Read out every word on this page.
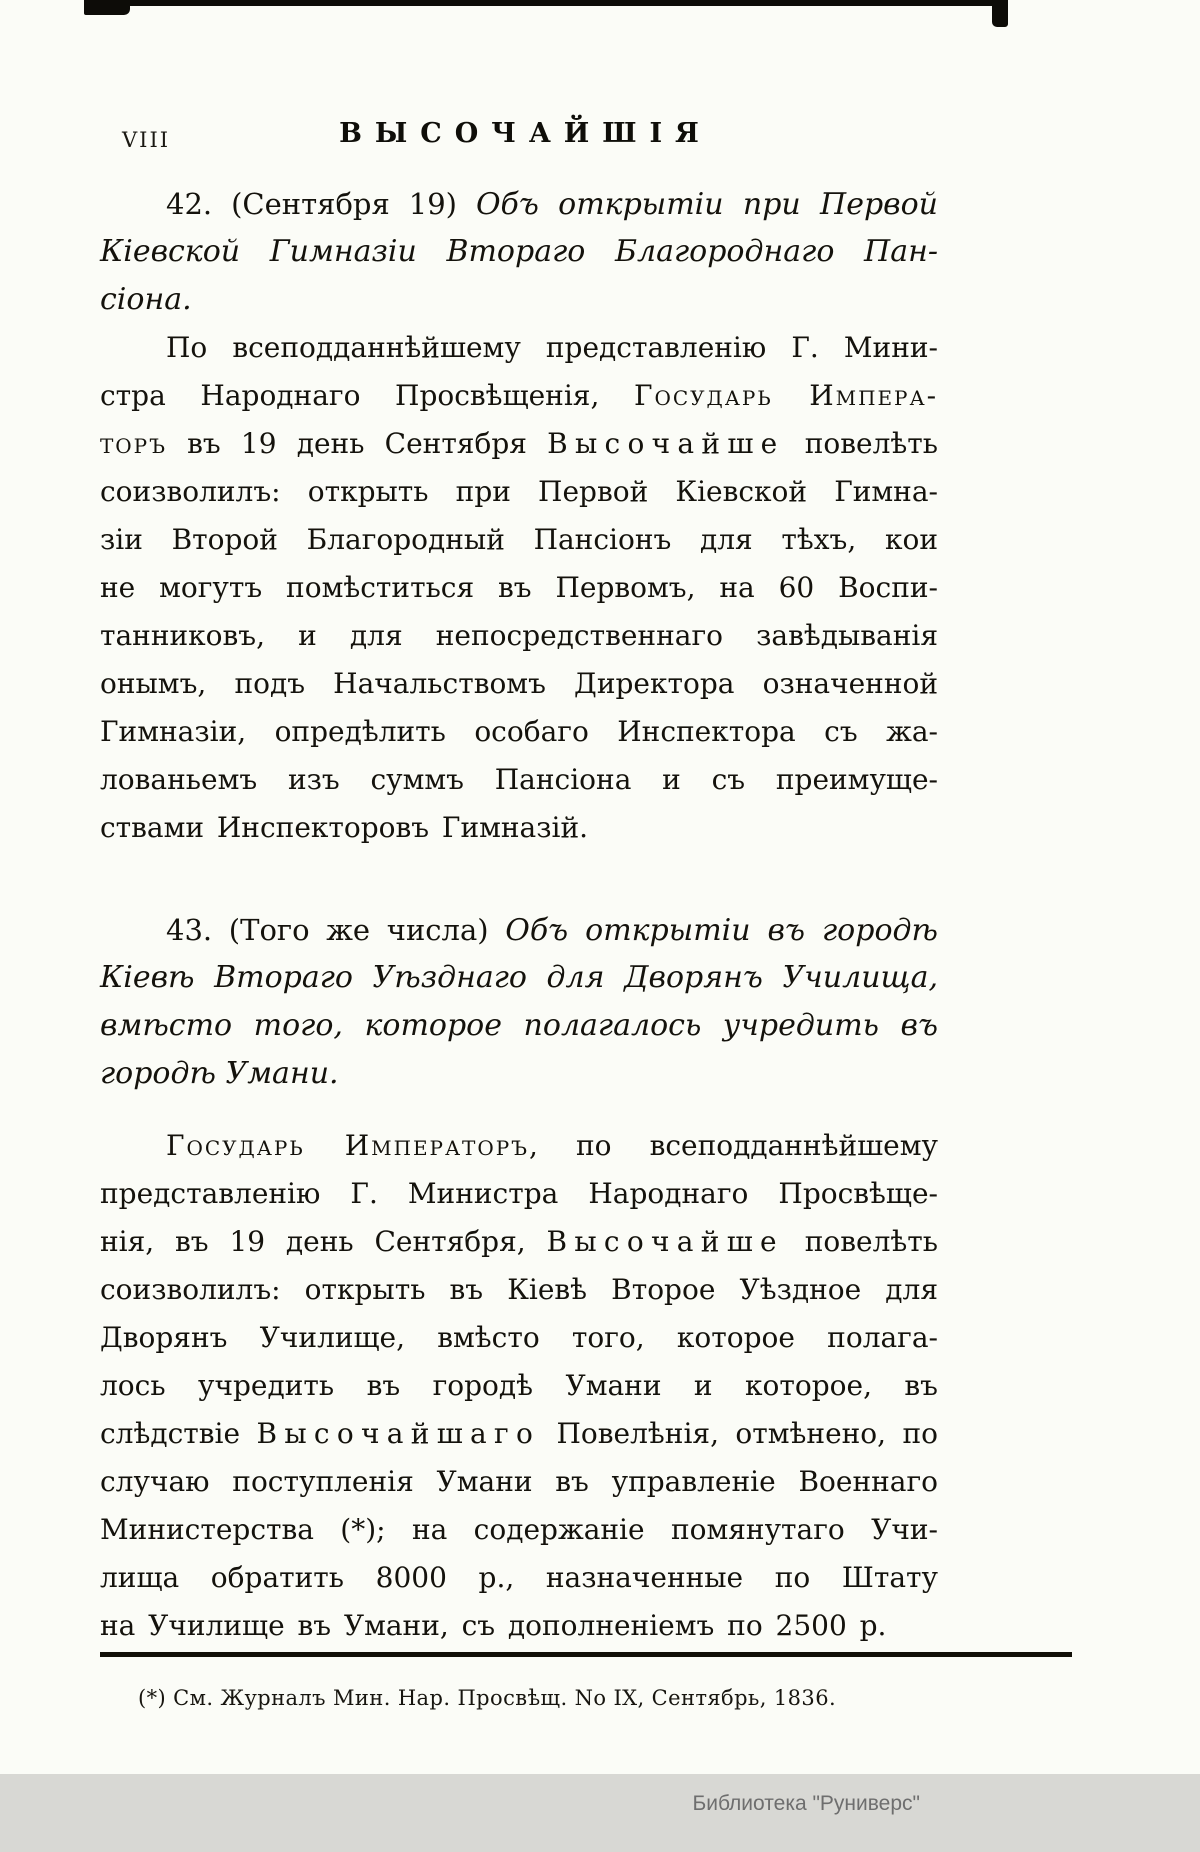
VIII	ВЫСОЧАЙШІЯ
42. (Сентября 19) Объ открытіи при Первой
Кіевской Гимназіи Втораго Благороднаго Пан-
сіона.
По всеподданнѣйшему представленію Г. Мини-
стра Народнаго Просвѣщенія, Государь Импера-
торъ въ 19 день Сентября Высочайше повелѣть
соизволилъ: открыть при Первой Кіевской Гимна-
зіи Второй Благородный Пансіонъ для тѣхъ, кои
не могутъ помѣститься въ Первомъ, на 60 Воспи-
танниковъ, и для непосредственнаго завѣдыванія
онымъ, подъ Начальствомъ Директора означенной
Гимназіи, опредѣлить особаго Инспектора съ жа-
лованьемъ изъ суммъ Пансіона и съ преимуще-
ствами Инспекторовъ Гимназій.
43. (Того же числа) Объ открытіи въ городѣ
Кіевѣ Втораго Уѣзднаго для Дворянъ Училища,
вмѣсто того, которое полагалось учредить въ
городѣ Умани.
Государь Императоръ, по всеподданнѣйшему
представленію Г. Министра Народнаго Просвѣще-
нія, въ 19 день Сентября, Высочайше повелѣть
соизволилъ: открыть въ Кіевѣ Второе Уѣздное для
Дворянъ Училище, вмѣсто того, которое полага-
лось учредить въ городѣ Умани и которое, въ
слѣдствіе Высочайшаго Повелѣнія, отмѣнено, по
случаю поступленія Умани въ управленіе Военнаго
Министерства (*); на содержаніе помянутаго Учи-
лища обратить 8000 р., назначенные по Штату
на Училище въ Умани, съ дополненіемъ по 2500 р.
(*) См. Журналъ Мин. Нар. Просвѣщ. No IX, Сентябрь, 1836.
Библиотека "Руниверс"
